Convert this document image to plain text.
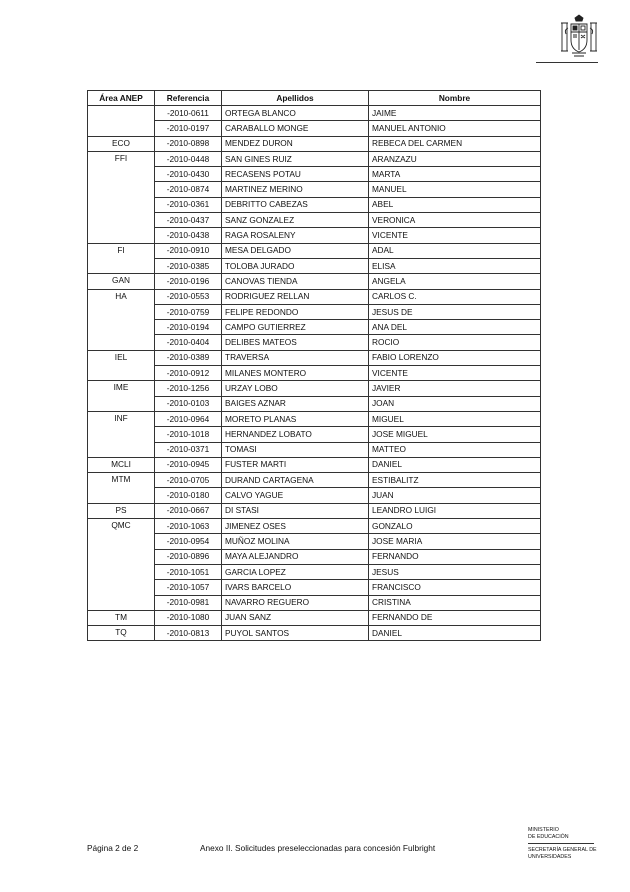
Área ANEP	Referencia	Apellidos	Nombre
	-2010-0611	ORTEGA BLANCO	JAIME
	-2010-0197	CARABALLO MONGE	MANUEL ANTONIO
ECO	-2010-0898	MENDEZ DURON	REBECA DEL CARMEN
FFI	-2010-0448	SAN GINES RUIZ	ARANZAZU
	-2010-0430	RECASENS POTAU	MARTA
	-2010-0874	MARTINEZ MERINO	MANUEL
	-2010-0361	DEBRITTO CABEZAS	ABEL
	-2010-0437	SANZ GONZALEZ	VERONICA
	-2010-0438	RAGA ROSALENY	VICENTE
FI	-2010-0910	MESA DELGADO	ADAL
	-2010-0385	TOLOBA JURADO	ELISA
GAN	-2010-0196	CANOVAS TIENDA	ANGELA
HA	-2010-0553	RODRIGUEZ RELLAN	CARLOS C.
	-2010-0759	FELIPE REDONDO	JESUS DE
	-2010-0194	CAMPO GUTIERREZ	ANA DEL
	-2010-0404	DELIBES MATEOS	ROCIO
IEL	-2010-0389	TRAVERSA	FABIO LORENZO
	-2010-0912	MILANES MONTERO	VICENTE
IME	-2010-1256	URZAY LOBO	JAVIER
	-2010-0103	BAIGES AZNAR	JOAN
INF	-2010-0964	MORETO PLANAS	MIGUEL
	-2010-1018	HERNANDEZ LOBATO	JOSE MIGUEL
	-2010-0371	TOMASI	MATTEO
MCLI	-2010-0945	FUSTER MARTI	DANIEL
MTM	-2010-0705	DURAND CARTAGENA	ESTIBALITZ
	-2010-0180	CALVO YAGUE	JUAN
PS	-2010-0667	DI STASI	LEANDRO LUIGI
QMC	-2010-1063	JIMENEZ OSES	GONZALO
	-2010-0954	MUÑOZ MOLINA	JOSE MARIA
	-2010-0896	MAYA ALEJANDRO	FERNANDO
	-2010-1051	GARCIA LOPEZ	JESUS
	-2010-1057	IVARS BARCELO	FRANCISCO
	-2010-0981	NAVARRO REGUERO	CRISTINA
TM	-2010-1080	JUAN SANZ	FERNANDO DE
TQ	-2010-0813	PUYOL SANTOS	DANIEL
Página 2 de 2	Anexo II. Solicitudes preseleccionadas para concesión Fulbright
MINISTERIO
DE EDUCACIÓN
SECRETARÍA GENERAL DE
UNIVERSIDADES
